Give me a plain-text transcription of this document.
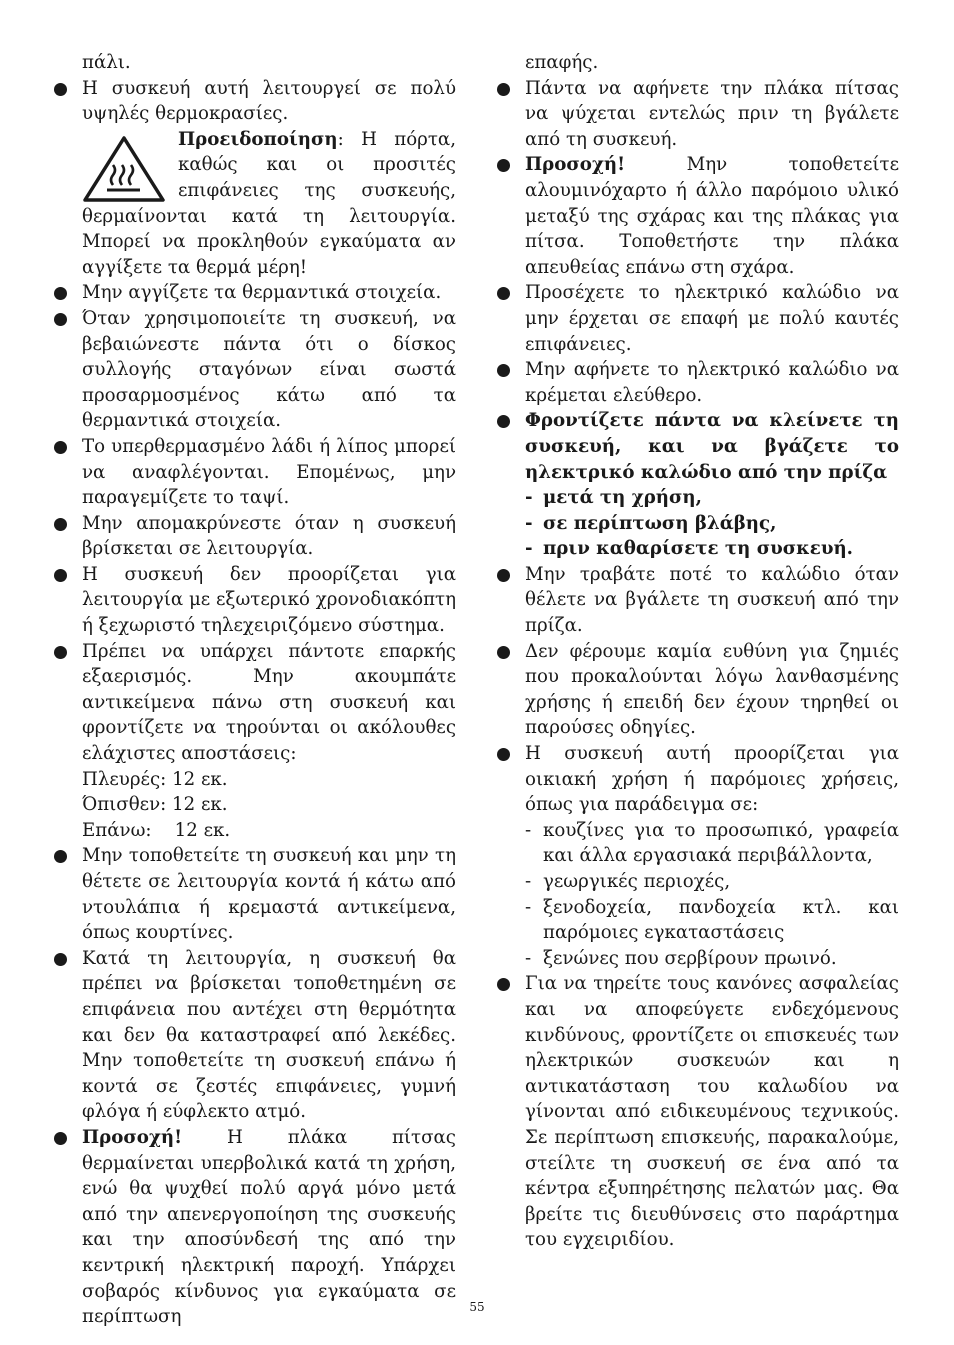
πάλι.

Η συσκευή αυτή λειτουργεί σε πολύ υψηλές θερμοκρασίες.
Προειδοποίηση: Η πόρτα, καθώς και οι προσιτές επιφάνειες της συσκευής, θερμαίνονται κατά τη λειτουργία. Μπορεί να προκληθούν εγκαύματα αν αγγίξετε τα θερμά μέρη!
Μην αγγίζετε τα θερμαντικά στοιχεία.
Όταν χρησιμοποιείτε τη συσκευή, να βεβαιώνεστε πάντα ότι ο δίσκος συλλογής σταγόνων είναι σωστά προσαρμοσμένος κάτω από τα θερμαντικά στοιχεία.
Το υπερθερμασμένο λάδι ή λίπος μπορεί να αναφλέγονται. Επομένως, μην παραγεμίζετε το ταψί.
Μην απομακρύνεστε όταν η συσκευή βρίσκεται σε λειτουργία.
Η συσκευή δεν προορίζεται για λειτουργία με εξωτερικό χρονοδιακόπτη ή ξεχωριστό τηλεχειριζόμενο σύστημα.
Πρέπει να υπάρχει πάντοτε επαρκής εξαερισμός. Μην ακουμπάτε αντικείμενα πάνω στη συσκευή και φροντίζετε να τηρούνται οι ακόλουθες ελάχιστες αποστάσεις:

Πλευρές: 12 εκ.

Όπισθεν: 12 εκ.

Επάνω:    12 εκ.

Μην τοποθετείτε τη συσκευή και μην τη θέτετε σε λειτουργία κοντά ή κάτω από ντουλάπια ή κρεμαστά αντικείμενα, όπως κουρτίνες.
Κατά τη λειτουργία, η συσκευή θα πρέπει να βρίσκεται τοποθετημένη σε επιφάνεια που αντέχει στη θερμότητα και δεν θα καταστραφεί από λεκέδες. Μην τοποθετείτε τη συσκευή επάνω ή κοντά σε ζεστές επιφάνειες, γυμνή φλόγα ή εύφλεκτο ατμό.
Προσοχή! Η πλάκα πίτσας θερμαίνεται υπερβολικά κατά τη χρήση, ενώ θα ψυχθεί πολύ αργά μόνο μετά από την απενεργοποίηση της συσκευής και την αποσύνδεσή της από την κεντρική ηλεκτρική παροχή. Υπάρχει σοβαρός κίνδυνος για εγκαύματα σε περίπτωση

επαφής.

Πάντα να αφήνετε την πλάκα πίτσας να ψύχεται εντελώς πριν τη βγάλετε από τη συσκευή.
Προσοχή! Μην τοποθετείτε αλουμινόχαρτο ή άλλο παρόμοιο υλικό μεταξύ της σχάρας και της πλάκας για πίτσα. Τοποθετήστε την πλάκα απευθείας επάνω στη σχάρα.
Προσέχετε το ηλεκτρικό καλώδιο να μην έρχεται σε επαφή με πολύ καυτές επιφάνειες.
Μην αφήνετε το ηλεκτρικό καλώδιο να κρέμεται ελεύθερο.
Φροντίζετε πάντα να κλείνετε τη συσκευή, και να βγάζετε το ηλεκτρικό καλώδιο από την πρίζα
- μετά τη χρήση,
- σε περίπτωση βλάβης,
- πριν καθαρίσετε τη συσκευή.
Μην τραβάτε ποτέ το καλώδιο όταν θέλετε να βγάλετε τη συσκευή από την πρίζα.
Δεν φέρουμε καμία ευθύνη για ζημιές που προκαλούνται λόγω λανθασμένης χρήσης ή επειδή δεν έχουν τηρηθεί οι παρούσες οδηγίες.
Η συσκευή αυτή προορίζεται για οικιακή χρήση ή παρόμοιες χρήσεις, όπως για παράδειγμα σε:
- κουζίνες για το προσωπικό, γραφεία και άλλα εργασιακά περιβάλλοντα,
- γεωργικές περιοχές,
- ξενοδοχεία, πανδοχεία κτλ. και παρόμοιες εγκαταστάσεις
- ξενώνες που σερβίρουν πρωινό.
Για να τηρείτε τους κανόνες ασφαλείας και να αποφεύγετε ενδεχόμενους κινδύνους, φροντίζετε οι επισκευές των ηλεκτρικών συσκευών και η αντικατάσταση του καλωδίου να γίνονται από ειδικευμένους τεχνικούς. Σε περίπτωση επισκευής, παρακαλούμε, στείλτε τη συσκευή σε ένα από τα κέντρα εξυπηρέτησης πελατών μας. Θα βρείτε τις διευθύνσεις στο παράρτημα του εγχειριδίου.
55
